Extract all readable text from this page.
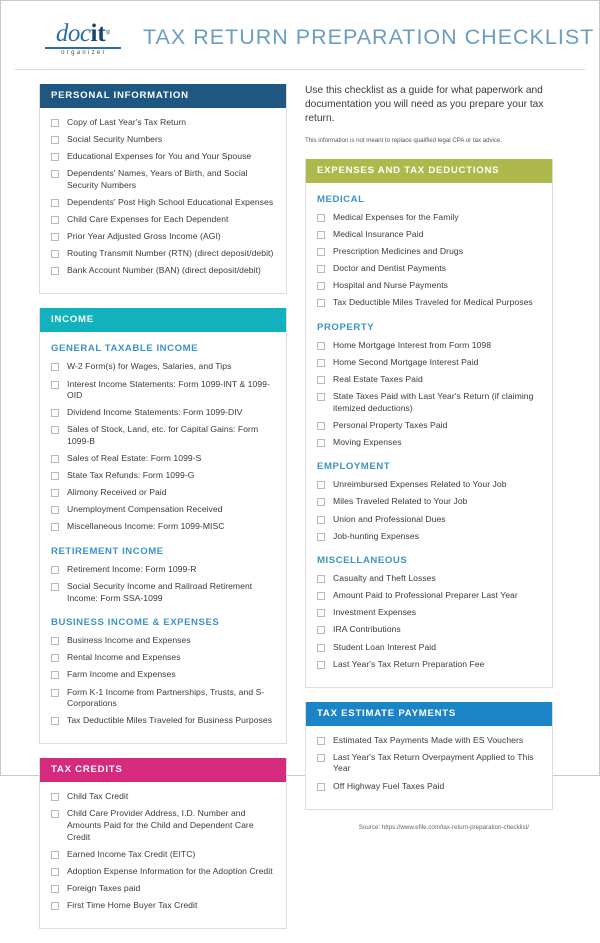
docit®
organizer
TAX RETURN PREPARATION CHECKLIST
PERSONAL INFORMATION
Copy of Last Year's Tax Return
Social Security Numbers
Educational Expenses for You and Your Spouse
Dependents' Names, Years of Birth, and Social Security Numbers
Dependents' Post High School Educational Expenses
Child Care Expenses for Each Dependent
Prior Year Adjusted Gross Income (AGI)
Routing Transmit Number (RTN) (direct deposit/debit)
Bank Account Number (BAN) (direct deposit/debit)
INCOME
GENERAL TAXABLE INCOME
W-2 Form(s) for Wages, Salaries, and Tips
Interest Income Statements: Form 1099-INT & 1099-OID
Dividend Income Statements: Form 1099-DIV
Sales of Stock, Land, etc. for Capital Gains: Form 1099-B
Sales of Real Estate: Form 1099-S
State Tax Refunds: Form 1099-G
Alimony Received or Paid
Unemployment Compensation Received
Miscellaneous Income: Form 1099-MISC
RETIREMENT INCOME
Retirement Income: Form 1099-R
Social Security Income and Railroad Retirement Income: Form SSA-1099
BUSINESS INCOME & EXPENSES
Business Income and Expenses
Rental Income and Expenses
Farm Income and Expenses
Form K-1 Income from Partnerships, Trusts, and S-Corporations
Tax Deductible Miles Traveled for Business Purposes
TAX CREDITS
Child Tax Credit
Child Care Provider Address, I.D. Number and Amounts Paid for the Child and Dependent Care Credit
Earned Income Tax Credit (EITC)
Adoption Expense Information for the Adoption Credit
Foreign Taxes paid
First Time Home Buyer Tax Credit
Use this checklist as a guide for what paperwork and documentation you will need as you prepare your tax return.
This information is not meant to replace qualified legal CPA or tax advice.
EXPENSES AND TAX DEDUCTIONS
MEDICAL
Medical Expenses for the Family
Medical Insurance Paid
Prescription Medicines and Drugs
Doctor and Dentist Payments
Hospital and Nurse Payments
Tax Deductible Miles Traveled for Medical Purposes
PROPERTY
Home Mortgage Interest from Form 1098
Home Second Mortgage Interest Paid
Real Estate Taxes Paid
State Taxes Paid with Last Year's Return (if claiming itemized deductions)
Personal Property Taxes Paid
Moving Expenses
EMPLOYMENT
Unreimbursed Expenses Related to Your Job
Miles Traveled Related to Your Job
Union and Professional Dues
Job-hunting Expenses
MISCELLANEOUS
Casualty and Theft Losses
Amount Paid to Professional Preparer Last Year
Investment Expenses
IRA Contributions
Student Loan Interest Paid
Last Year's Tax Return Preparation Fee
TAX ESTIMATE PAYMENTS
Estimated Tax Payments Made with ES Vouchers
Last Year's Tax Return Overpayment Applied to This Year
Off Highway Fuel Taxes Paid
Source: https://www.efile.com/tax-return-preparation-checklist/
